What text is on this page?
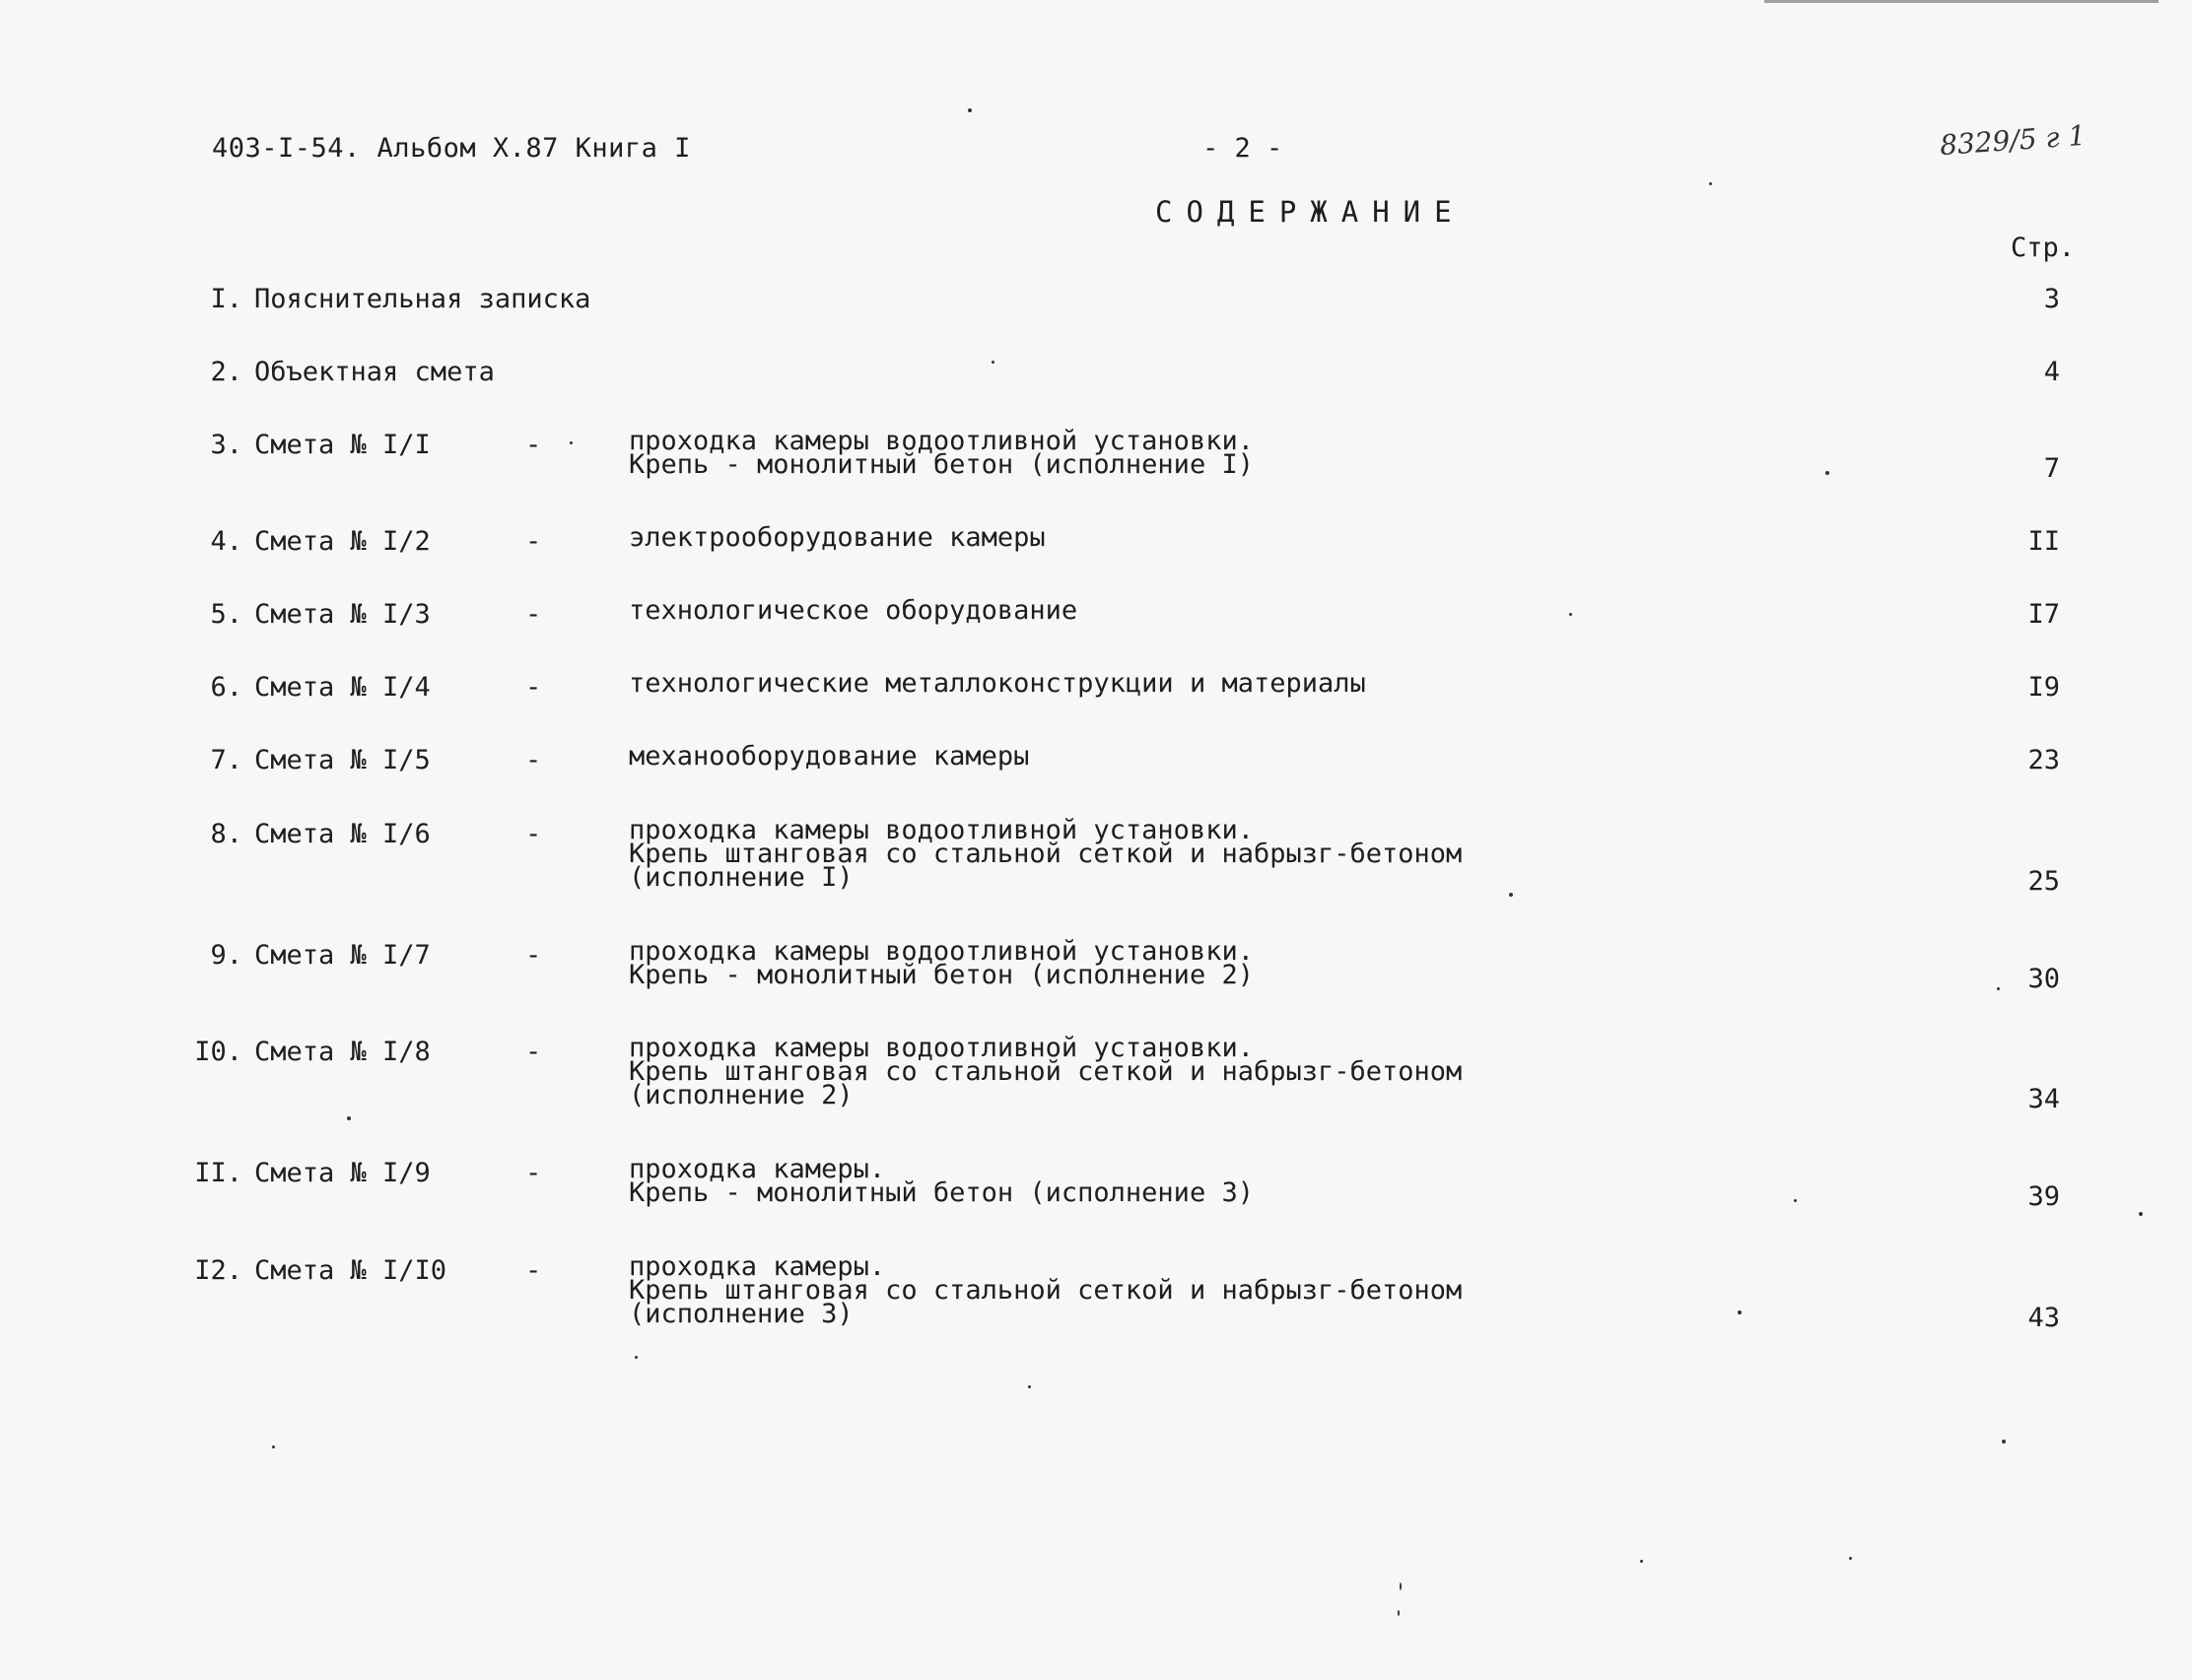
403-I-54. Альбом X.87 Книга I	- 2 -	8329/5 г 1
СОДЕРЖАНИЕ
Стр.
I. Пояснительная записка	3
2. Объектная смета	4
3. Смета № I/I	-	проходка камеры водоотливной установки.
Крепь - монолитный бетон (исполнение I)	7
4. Смета № I/2	-	электрооборудование камеры	II
5. Смета № I/3	-	технологическое оборудование	I7
6. Смета № I/4	-	технологические металлоконструкции и материалы	I9
7. Смета № I/5	-	механооборудование камеры	23
8. Смета № I/6	-	проходка камеры водоотливной установки.
Крепь штанговая со стальной сеткой и набрызг-бетоном
(исполнение I)	25
9. Смета № I/7	-	проходка камеры водоотливной установки.
Крепь - монолитный бетон (исполнение 2)	30
I0. Смета № I/8	-	проходка камеры водоотливной установки.
Крепь штанговая со стальной сеткой и набрызг-бетоном
(исполнение 2)	34
II. Смета № I/9	-	проходка камеры.
Крепь - монолитный бетон (исполнение 3)	39
I2. Смета № I/I0	-	проходка камеры.
Крепь штанговая со стальной сеткой и набрызг-бетоном
(исполнение 3)	43
